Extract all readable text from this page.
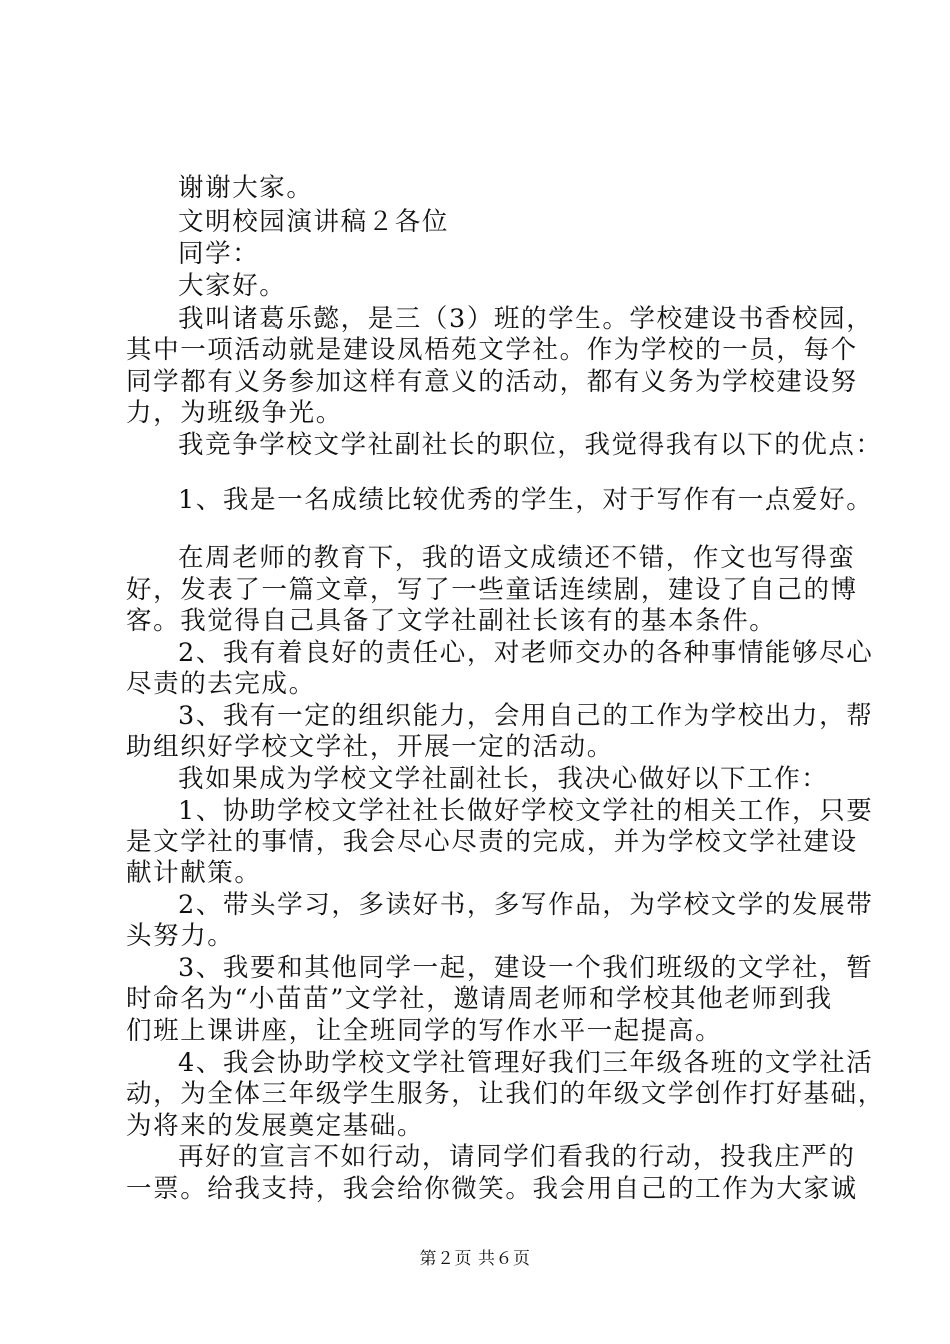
谢谢大家。
文明校园演讲稿２各位
同学：
大家好。
我叫诸葛乐懿，是三（3）班的学生。学校建设书香校园，
其中一项活动就是建设凤梧苑文学社。作为学校的一员，每个
同学都有义务参加这样有意义的活动，都有义务为学校建设努
力，为班级争光。
我竞争学校文学社副社长的职位，我觉得我有以下的优点：
1、我是一名成绩比较优秀的学生，对于写作有一点爱好。
在周老师的教育下，我的语文成绩还不错，作文也写得蛮
好，发表了一篇文章，写了一些童话连续剧，建设了自己的博
客。我觉得自己具备了文学社副社长该有的基本条件。
2、我有着良好的责任心，对老师交办的各种事情能够尽心
尽责的去完成。
3、我有一定的组织能力，会用自己的工作为学校出力，帮
助组织好学校文学社，开展一定的活动。
我如果成为学校文学社副社长，我决心做好以下工作：
1、协助学校文学社社长做好学校文学社的相关工作，只要
是文学社的事情，我会尽心尽责的完成，并为学校文学社建设
献计献策。
2、带头学习，多读好书，多写作品，为学校文学的发展带
头努力。
3、我要和其他同学一起，建设一个我们班级的文学社，暂
时命名为“小苗苗”文学社，邀请周老师和学校其他老师到我
们班上课讲座，让全班同学的写作水平一起提高。
4、我会协助学校文学社管理好我们三年级各班的文学社活
动，为全体三年级学生服务，让我们的年级文学创作打好基础，
为将来的发展奠定基础。
再好的宣言不如行动，请同学们看我的行动，投我庄严的
一票。给我支持，我会给你微笑。我会用自己的工作为大家诚
第２页 共６页
